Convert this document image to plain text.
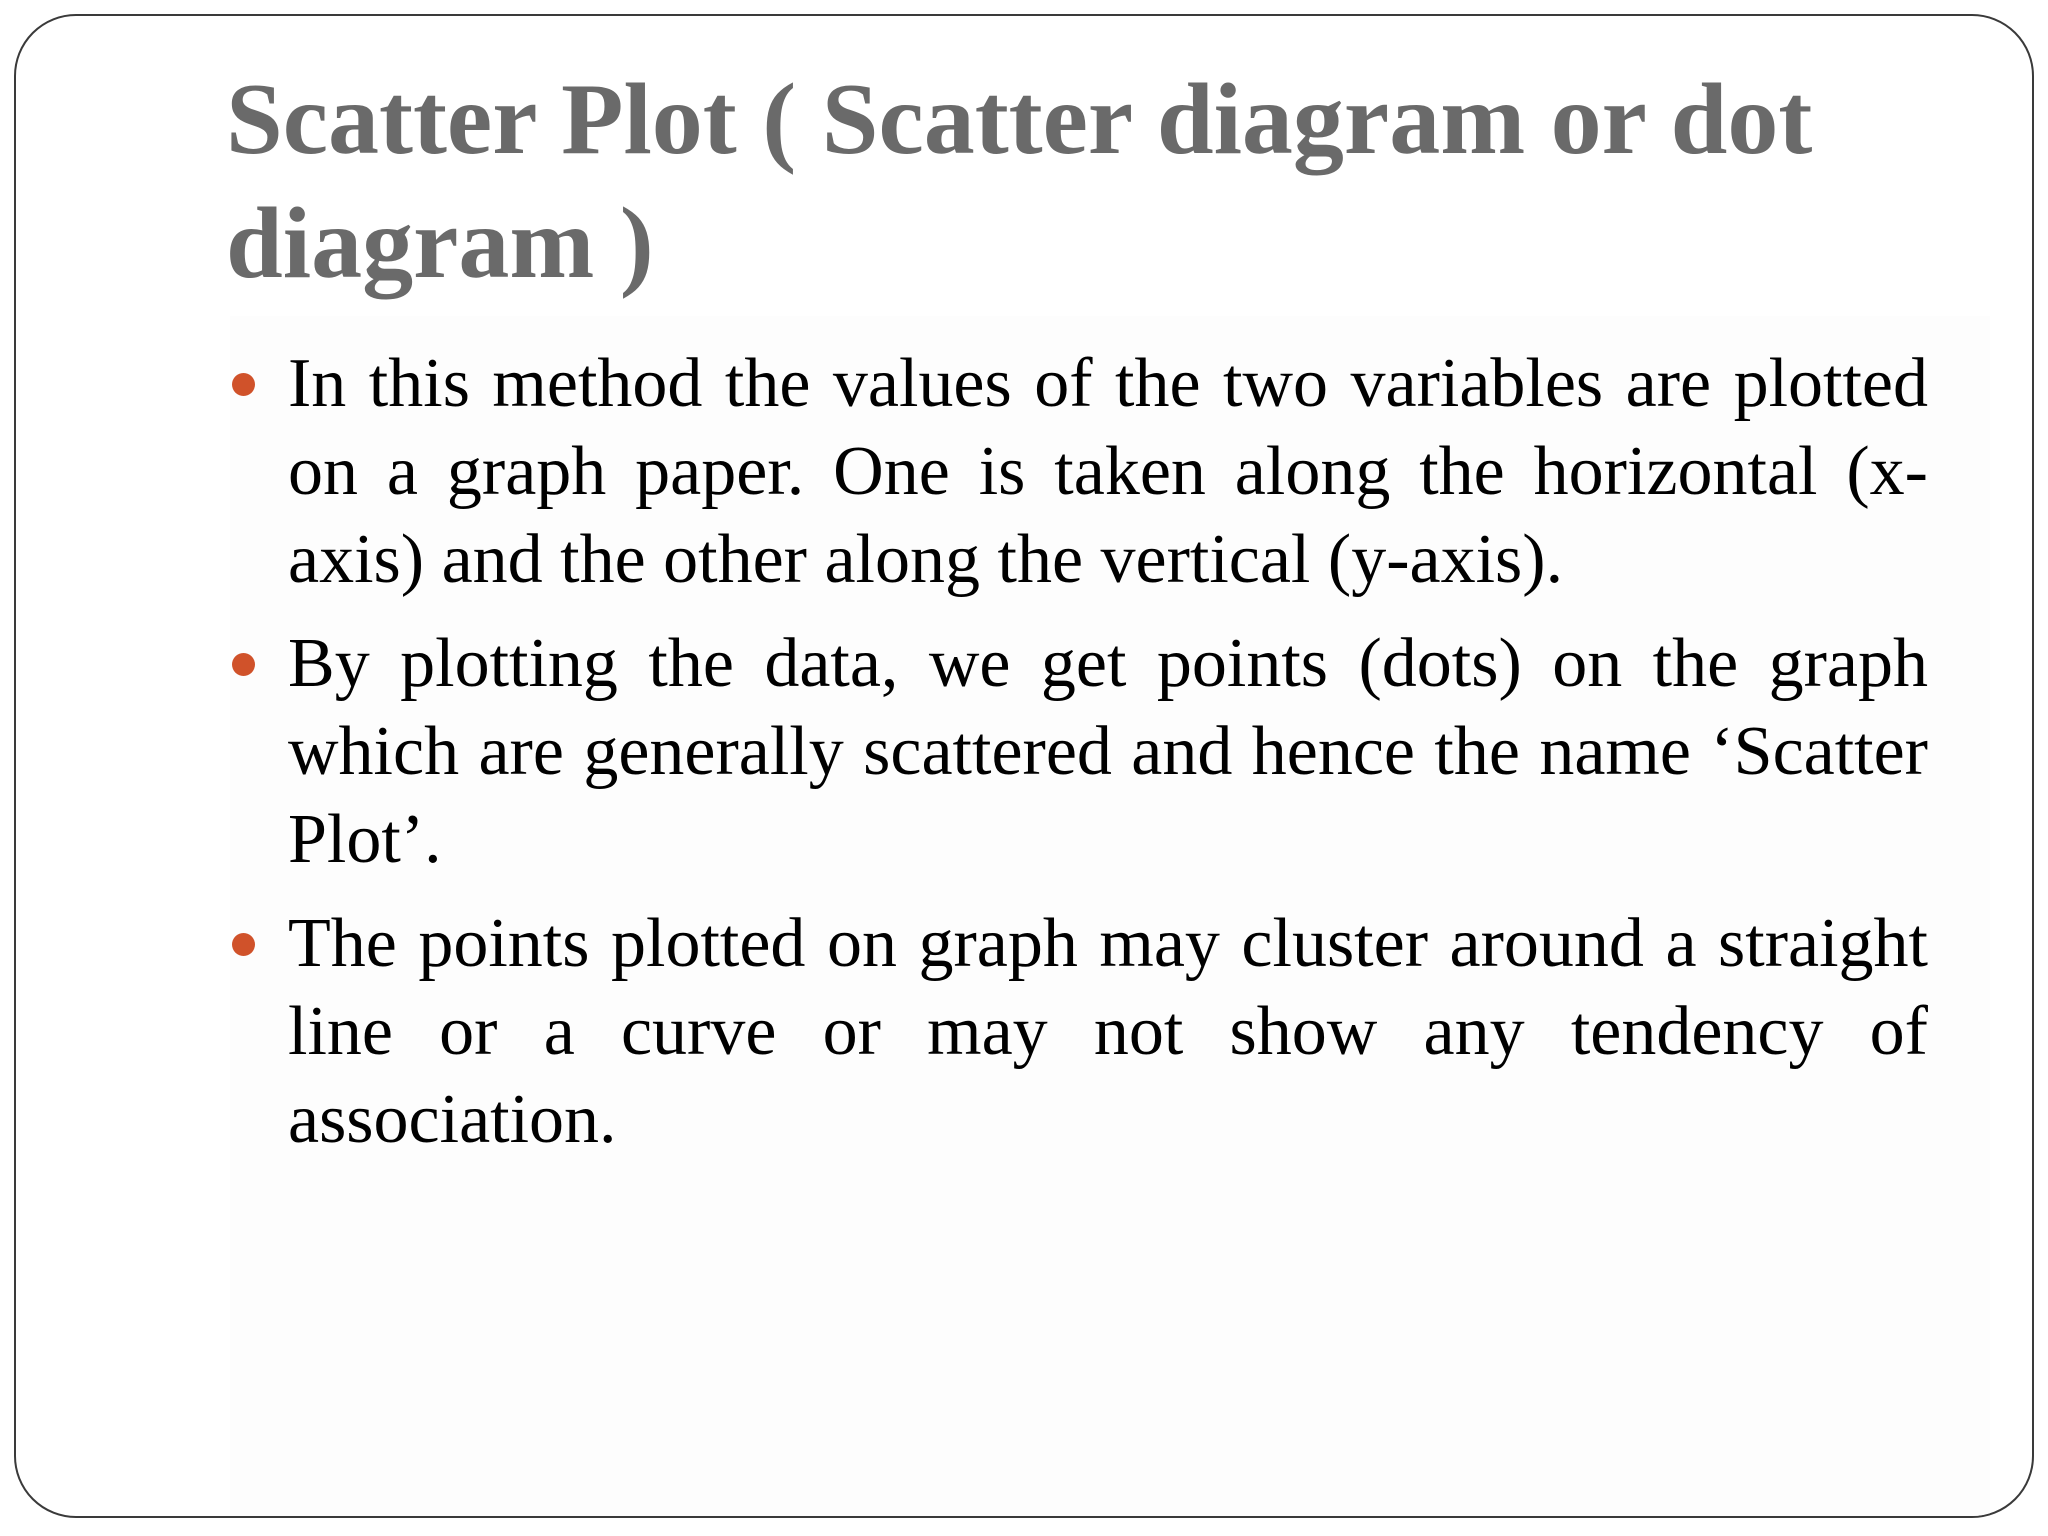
Scatter Plot ( Scatter diagram or dot diagram )
In this method the values of the two variables are plotted on a graph paper. One is taken along the horizontal (x-axis) and the other along the vertical (y-axis).
By plotting the data, we get points (dots) on the graph which are generally scattered and hence the name ‘Scatter Plot’.
The points plotted on graph may cluster around a straight line or a curve or may not show any tendency of association.
